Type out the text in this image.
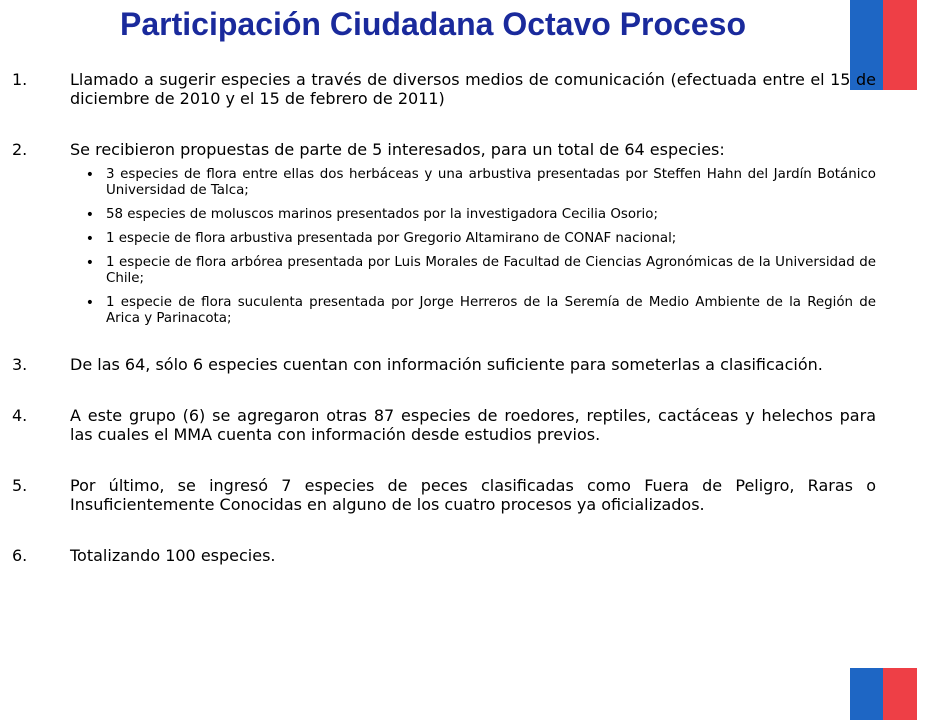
Participación Ciudadana Octavo Proceso
1.	Llamado a sugerir especies a través de diversos medios de comunicación (efectuada entre el 15 de diciembre de 2010 y el 15 de febrero de 2011)
2.	Se recibieron propuestas de parte de 5 interesados, para un total de 64 especies:
• 3 especies de flora entre ellas dos herbáceas y una arbustiva presentadas por Steffen Hahn del Jardín Botánico Universidad de Talca;
• 58 especies de moluscos marinos presentados por la investigadora Cecilia Osorio;
• 1 especie de flora arbustiva presentada por Gregorio Altamirano de CONAF nacional;
• 1 especie de flora arbórea presentada por Luis Morales de Facultad de Ciencias Agronómicas de la Universidad de Chile;
• 1 especie de flora suculenta presentada por Jorge Herreros de la Seremía de Medio Ambiente de la Región de Arica y Parinacota;
3.	De las 64, sólo 6 especies cuentan con información suficiente para someterlas a clasificación.
4.	A este grupo (6) se agregaron otras 87 especies de roedores, reptiles, cactáceas y helechos para las cuales el MMA cuenta con información desde estudios previos.
5.	Por último, se ingresó 7 especies de peces clasificadas como Fuera de Peligro, Raras o Insuficientemente Conocidas en alguno de los cuatro procesos ya oficializados.
6.	Totalizando 100 especies.
